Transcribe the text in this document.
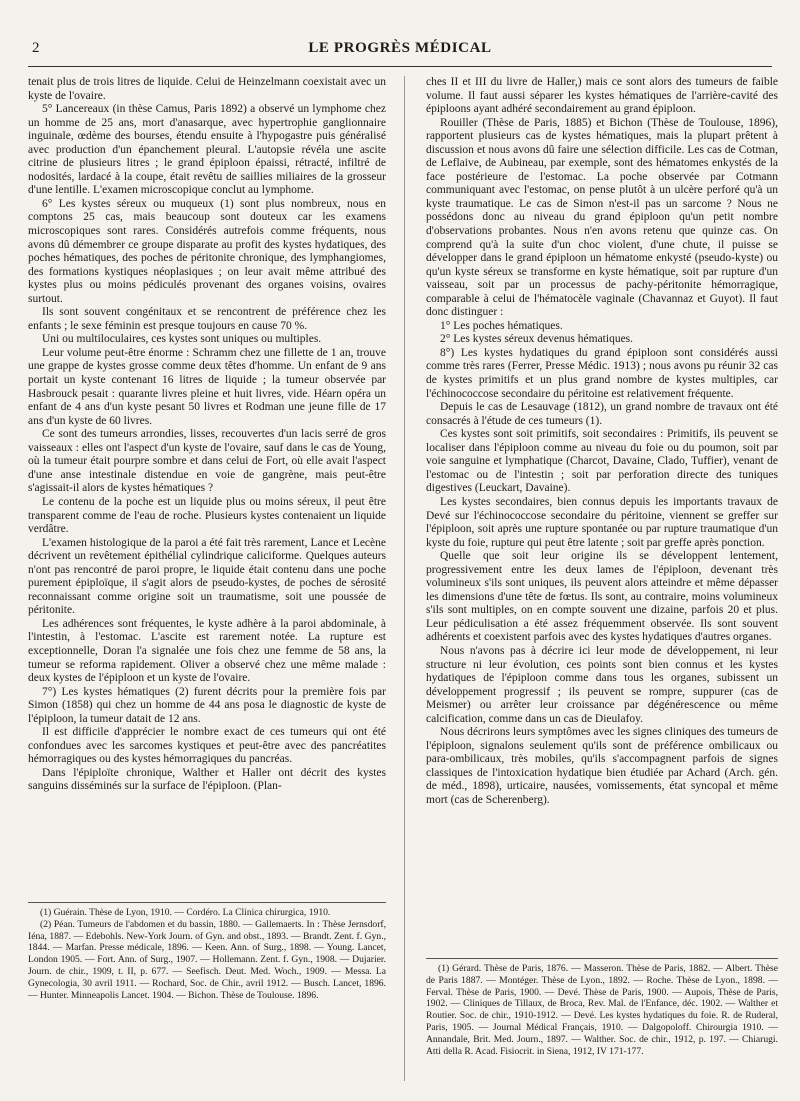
2	LE PROGRÈS MÉDICAL

tenait plus de trois litres de liquide. Celui de Heinzelmann coexistait avec un kyste de l'ovaire.

5° Lancereaux (in thèse Camus, Paris 1892) a observé un lymphome chez un homme de 25 ans, mort d'anasarque, avec hypertrophie ganglionnaire inguinale, œdème des bourses, étendu ensuite à l'hypogastre puis généralisé avec production d'un épanchement pleural. L'autopsie révéla une ascite citrine de plusieurs litres ; le grand épiploon épaissi, rétracté, infiltré de nodosités, lardacé à la coupe, était revêtu de saillies miliaires de la grosseur d'une lentille. L'examen microscopique conclut au lymphome.

6° Les kystes séreux ou muqueux (1) sont plus nombreux, nous en comptons 25 cas, mais beaucoup sont douteux car les examens microscopiques sont rares. Considérés autrefois comme fréquents, nous avons dû démembrer ce groupe disparate au profit des kystes hydatiques, des poches hématiques, des poches de péritonite chronique, des lymphangiomes, des formations kystiques néoplasiques ; on leur avait même attribué des kystes plus ou moins pédiculés provenant des organes voisins, ovaires surtout.

Ils sont souvent congénitaux et se rencontrent de préférence chez les enfants ; le sexe féminin est presque toujours en cause 70 %.

Uni ou multiloculaires, ces kystes sont uniques ou multiples.

Leur volume peut-être énorme : Schramm chez une fillette de 1 an, trouve une grappe de kystes grosse comme deux têtes d'homme. Un enfant de 9 ans portait un kyste contenant 16 litres de liquide ; la tumeur observée par Hasbrouck pesait : quarante livres pleine et huit livres, vide. Héarn opéra un enfant de 4 ans d'un kyste pesant 50 livres et Rodman une jeune fille de 17 ans d'un kyste de 60 livres.

Ce sont des tumeurs arrondies, lisses, recouvertes d'un lacis serré de gros vaisseaux : elles ont l'aspect d'un kyste de l'ovaire, sauf dans le cas de Young, où la tumeur était pourpre sombre et dans celui de Fort, où elle avait l'aspect d'une anse intestinale distendue en voie de gangrène, mais peut-être s'agissait-il alors de kystes hématiques ?

Le contenu de la poche est un liquide plus ou moins séreux, il peut être transparent comme de l'eau de roche. Plusieurs kystes contenaient un liquide verdâtre.

L'examen histologique de la paroi a été fait très rarement, Lance et Lecène décrivent un revêtement épithélial cylindrique caliciforme. Quelques auteurs n'ont pas rencontré de paroi propre, le liquide était contenu dans une poche purement épiploïque, il s'agit alors de pseudo-kystes, de poches de sérosité reconnaissant comme origine soit un traumatisme, soit une poussée de péritonite.

Les adhérences sont fréquentes, le kyste adhère à la paroi abdominale, à l'intestin, à l'estomac. L'ascite est rarement notée. La rupture est exceptionnelle, Doran l'a signalée une fois chez une femme de 58 ans, la tumeur se reforma rapidement. Oliver a observé chez une même malade : deux kystes de l'épiploon et un kyste de l'ovaire.

7°) Les kystes hématiques (2) furent décrits pour la première fois par Simon (1858) qui chez un homme de 44 ans posa le diagnostic de kyste de l'épiploon, la tumeur datait de 12 ans.

Il est difficile d'apprécier le nombre exact de ces tumeurs qui ont été confondues avec les sarcomes kystiques et peut-être avec des pancréatites hémorragiques ou des kystes hémorragiques du pancréas.

Dans l'épiploïte chronique, Walther et Haller ont décrit des kystes sanguins disséminés sur la surface de l'épiploon. (Plan-

ches II et III du livre de Haller,) mais ce sont alors des tumeurs de faible volume. Il faut aussi séparer les kystes hématiques de l'arrière-cavité des épiploons ayant adhéré secondairement au grand épiploon.

Rouiller (Thèse de Paris, 1885) et Bichon (Thèse de Toulouse, 1896), rapportent plusieurs cas de kystes hématiques, mais la plupart prêtent à discussion et nous avons dû faire une sélection difficile. Les cas de Cotman, de Leflaive, de Aubineau, par exemple, sont des hématomes enkystés de la face postérieure de l'estomac. La poche observée par Cotmann communiquant avec l'estomac, on pense plutôt à un ulcère perforé qu'à un kyste traumatique. Le cas de Simon n'est-il pas un sarcome ? Nous ne possédons donc au niveau du grand épiploon qu'un petit nombre d'observations probantes. Nous n'en avons retenu que quinze cas. On comprend qu'à la suite d'un choc violent, d'une chute, il puisse se développer dans le grand épiploon un hématome enkysté (pseudo-kyste) ou qu'un kyste séreux se transforme en kyste hématique, soit par rupture d'un vaisseau, soit par un processus de pachy-péritonite hémorragique, comparable à celui de l'hématocèle vaginale (Chavannaz et Guyot). Il faut donc distinguer :

1° Les poches hématiques.

2° Les kystes séreux devenus hématiques.

8°) Les kystes hydatiques du grand épiploon sont considérés aussi comme très rares (Ferrer, Presse Médic. 1913) ; nous avons pu réunir 32 cas de kystes primitifs et un plus grand nombre de kystes multiples, car l'échinococcose secondaire du péritoine est relativement fréquente.

Depuis le cas de Lesauvage (1812), un grand nombre de travaux ont été consacrés à l'étude de ces tumeurs (1).

Ces kystes sont soit primitifs, soit secondaires : Primitifs, ils peuvent se localiser dans l'épiploon comme au niveau du foie ou du poumon, soit par voie sanguine et lymphatique (Charcot, Davaine, Clado, Tuffier), venant de l'estomac ou de l'intestin ; soit par perforation directe des tuniques digestives (Leuckart, Davaine).

Les kystes secondaires, bien connus depuis les importants travaux de Devé sur l'échinococcose secondaire du péritoine, viennent se greffer sur l'épiploon, soit après une rupture spontanée ou par rupture traumatique d'un kyste du foie, rupture qui peut être latente ; soit par greffe après ponction.

Quelle que soit leur origine ils se développent lentement, progressivement entre les deux lames de l'épiploon, devenant très volumineux s'ils sont uniques, ils peuvent alors atteindre et même dépasser les dimensions d'une tête de fœtus. Ils sont, au contraire, moins volumineux s'ils sont multiples, on en compte souvent une dizaine, parfois 20 et plus. Leur pédiculisation a été assez fréquemment observée. Ils sont souvent adhérents et coexistent parfois avec des kystes hydatiques d'autres organes.

Nous n'avons pas à décrire ici leur mode de développement, ni leur structure ni leur évolution, ces points sont bien connus et les kystes hydatiques de l'épiploon comme dans tous les organes, subissent un développement progressif ; ils peuvent se rompre, suppurer (cas de Meismer) ou arrêter leur croissance par dégénérescence ou même calcification, comme dans un cas de Dieulafoy.

Nous décrirons leurs symptômes avec les signes cliniques des tumeurs de l'épiploon, signalons seulement qu'ils sont de préférence ombilicaux ou para-ombilicaux, très mobiles, qu'ils s'accompagnent parfois de signes classiques de l'intoxication hydatique bien étudiée par Achard (Arch. gén. de méd., 1898), urticaire, nausées, vomissements, état syncopal et même mort (cas de Scherenberg).

(1) Guérain. Thèse de Lyon, 1910. — Cordéro. La Clinica chirurgica, 1910.

(2) Péan. Tumeurs de l'abdomen et du bassin, 1880. — Gallemaerts. In : Thèse Jernsdorf, Iéna, 1887. — Edebohls. New-York Journ. of Gyn. and obst., 1893. — Brandt. Zent. f. Gyn., 1844. — Marfan. Presse médicale, 1896. — Keen. Ann. of Surg., 1898. — Young. Lancet, London 1905. — Fort. Ann. of Surg., 1907. — Hollemann. Zent. f. Gyn., 1908. — Dujarier. Journ. de chir., 1909, t. II, p. 677. — Seefisch. Deut. Med. Woch., 1909. — Messa. La Gynecologia, 30 avril 1911. — Rochard, Soc. de Chir., avril 1912. — Busch. Lancet, 1896. — Hunter. Minneapolis Lancet. 1904. — Bichon. Thèse de Toulouse. 1896.

(1) Gérard. Thèse de Paris, 1876. — Masseron. Thèse de Paris, 1882. — Albert. Thèse de Paris 1887. — Montéger. Thèse de Lyon., 1892. — Roche. Thèse de Lyon., 1898. — Ferval. Thèse de Paris, 1900. — Devé. Thèse de Paris, 1900. — Aupois, Thèse de Paris, 1902. — Cliniques de Tillaux, de Broca, Rev. Mal. de l'Enfance, déc. 1902. — Walther et Routier. Soc. de chir., 1910-1912. — Devé. Les kystes hydatiques du foie. R. de Ruderal, Paris, 1905. — Journal Médical Français, 1910. — Dalgopoloff. Chirourgia 1910. — Annandale, Brit. Med. Journ., 1897. — Walther. Soc. de chir., 1912, p. 197. — Chiarugi. Atti della R. Acad. Fisiocrit. in Siena, 1912, IV 171-177.
